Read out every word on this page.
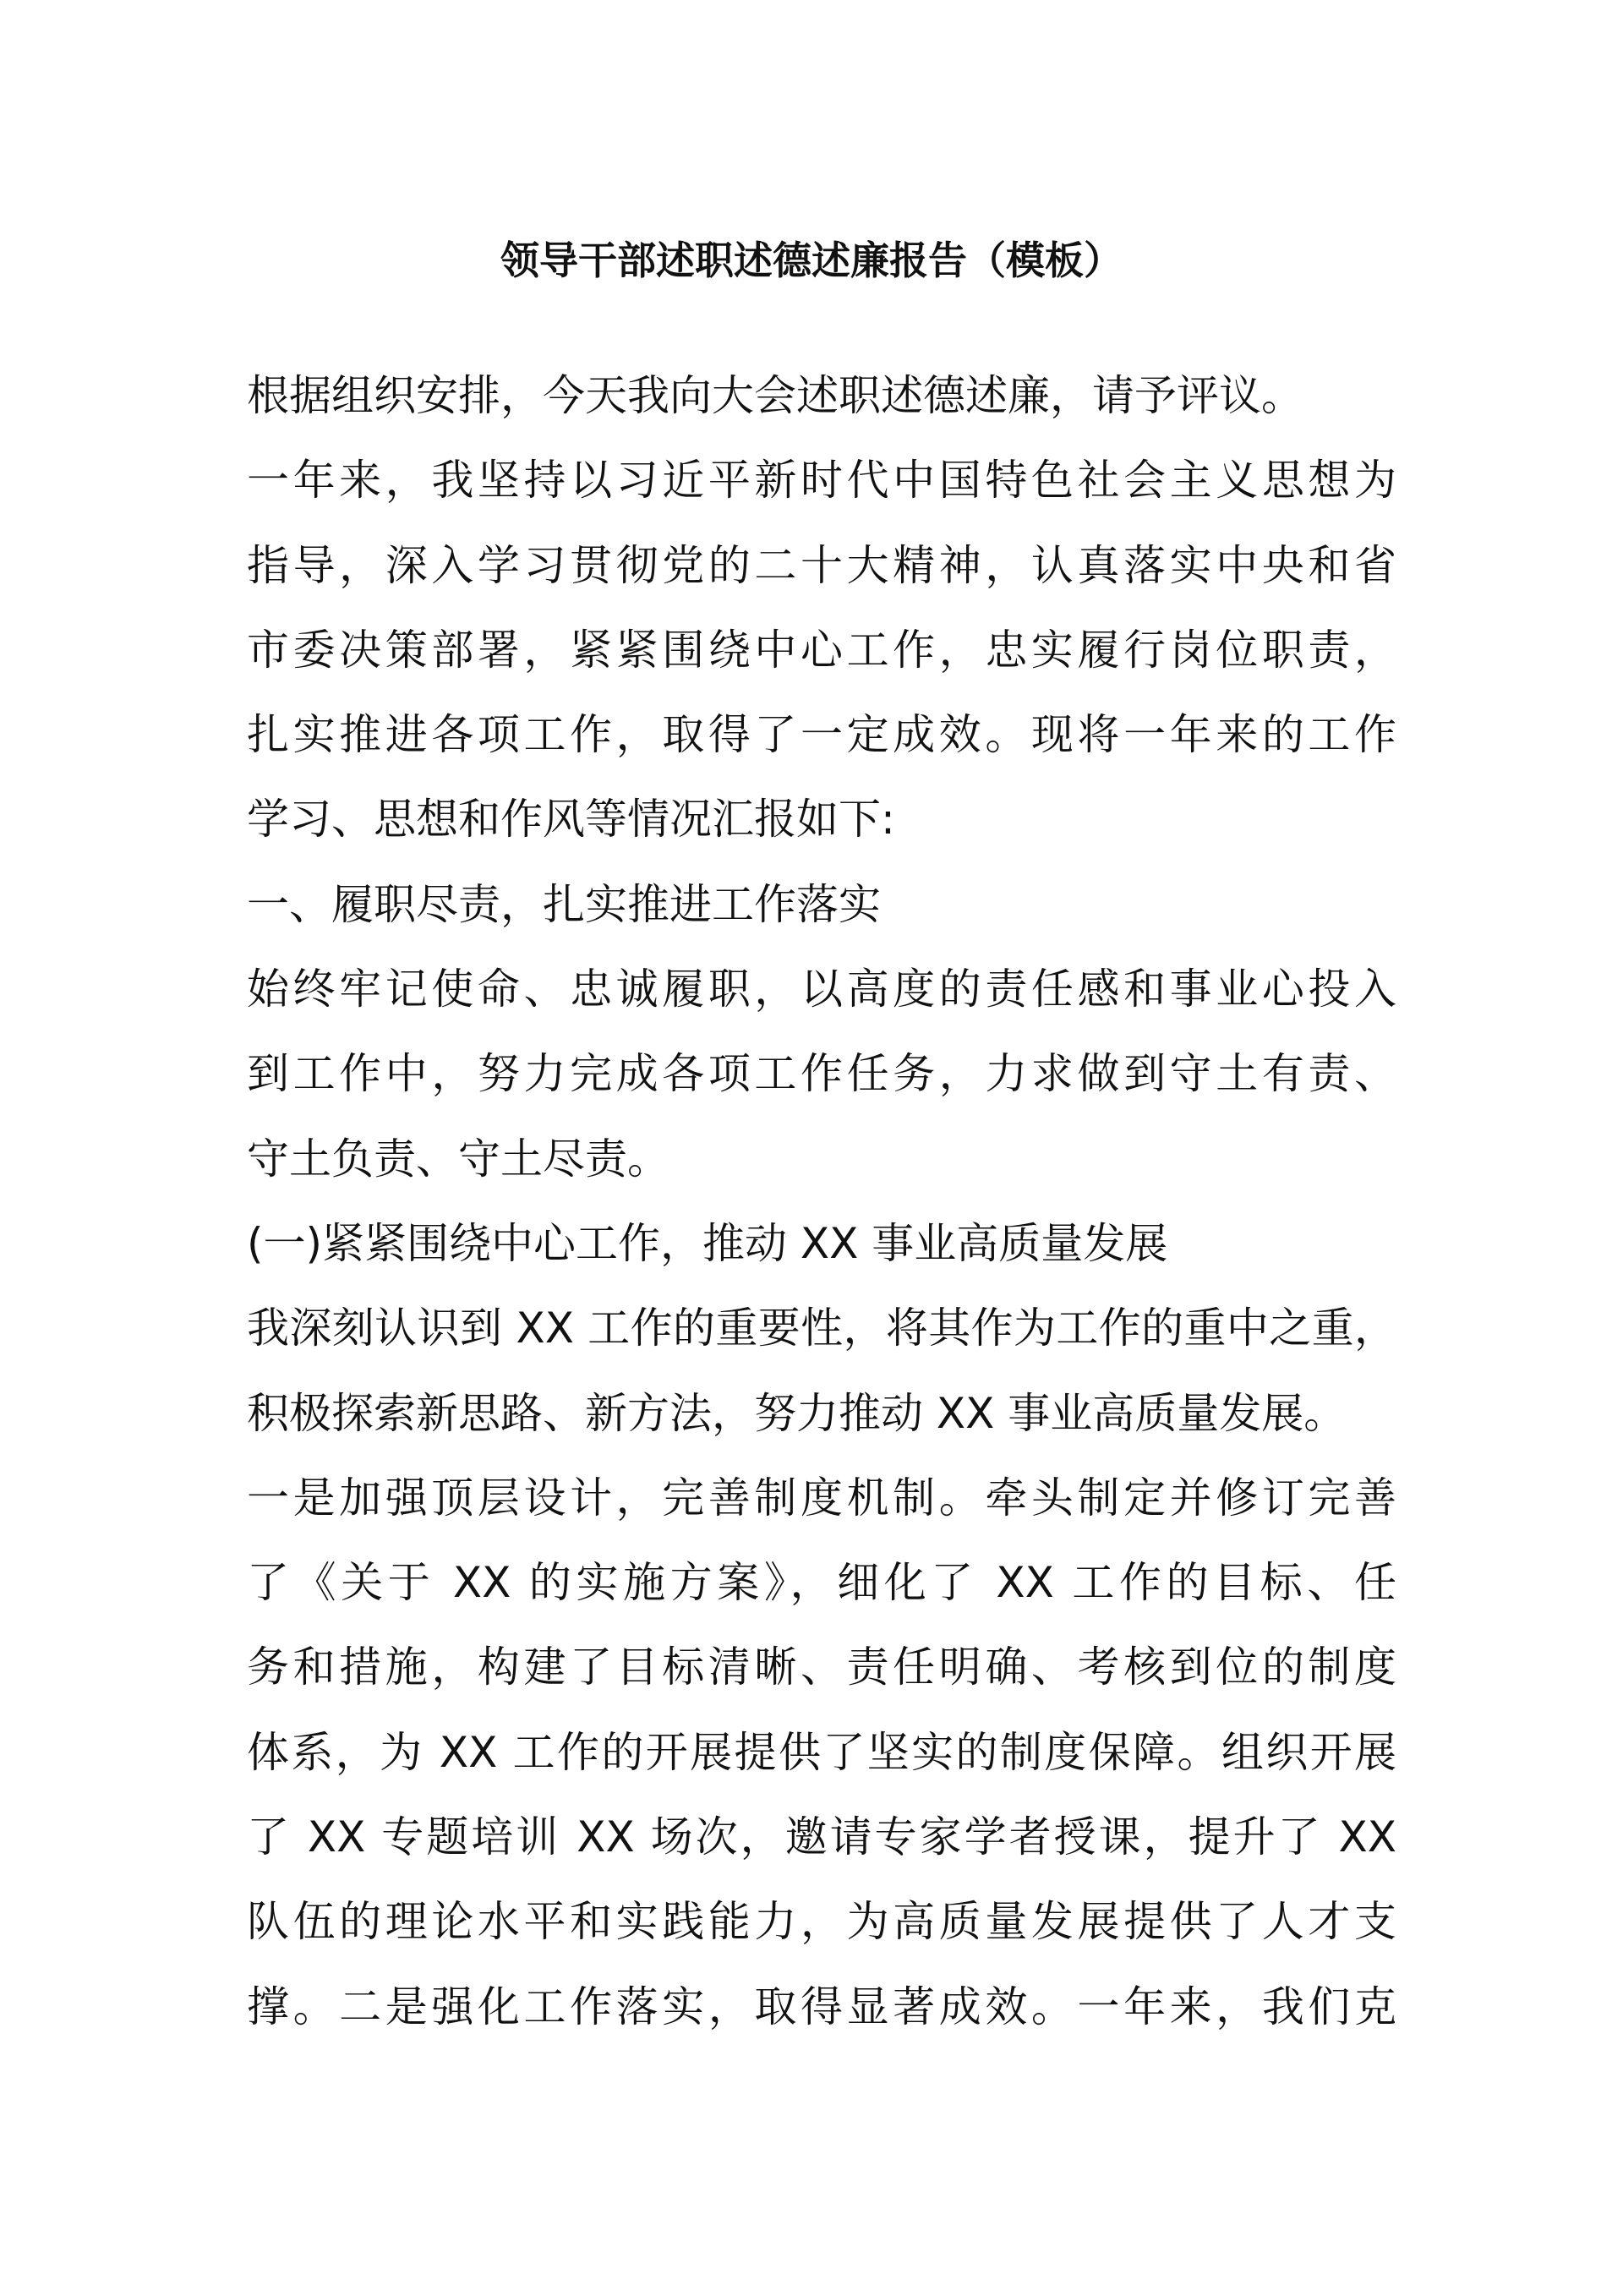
领导干部述职述德述廉报告（模板）
根据组织安排，今天我向大会述职述德述廉，请予评议。
一年来，我坚持以习近平新时代中国特色社会主义思想为
指导，深入学习贯彻党的二十大精神，认真落实中央和省
市委决策部署，紧紧围绕中心工作，忠实履行岗位职责，
扎实推进各项工作，取得了一定成效。现将一年来的工作
学习、思想和作风等情况汇报如下:
一、履职尽责，扎实推进工作落实
始终牢记使命、忠诚履职，以高度的责任感和事业心投入
到工作中，努力完成各项工作任务，力求做到守土有责、
守土负责、守土尽责。
(一)紧紧围绕中心工作，推动 XX 事业高质量发展
我深刻认识到 XX 工作的重要性，将其作为工作的重中之重，
积极探索新思路、新方法，努力推动 XX 事业高质量发展。
一是加强顶层设计，完善制度机制。牵头制定并修订完善
了《关于 XX 的实施方案》，细化了 XX 工作的目标、任
务和措施，构建了目标清晰、责任明确、考核到位的制度
体系，为 XX 工作的开展提供了坚实的制度保障。组织开展
了 XX 专题培训 XX 场次，邀请专家学者授课，提升了 XX
队伍的理论水平和实践能力，为高质量发展提供了人才支
撑。二是强化工作落实，取得显著成效。一年来，我们克
